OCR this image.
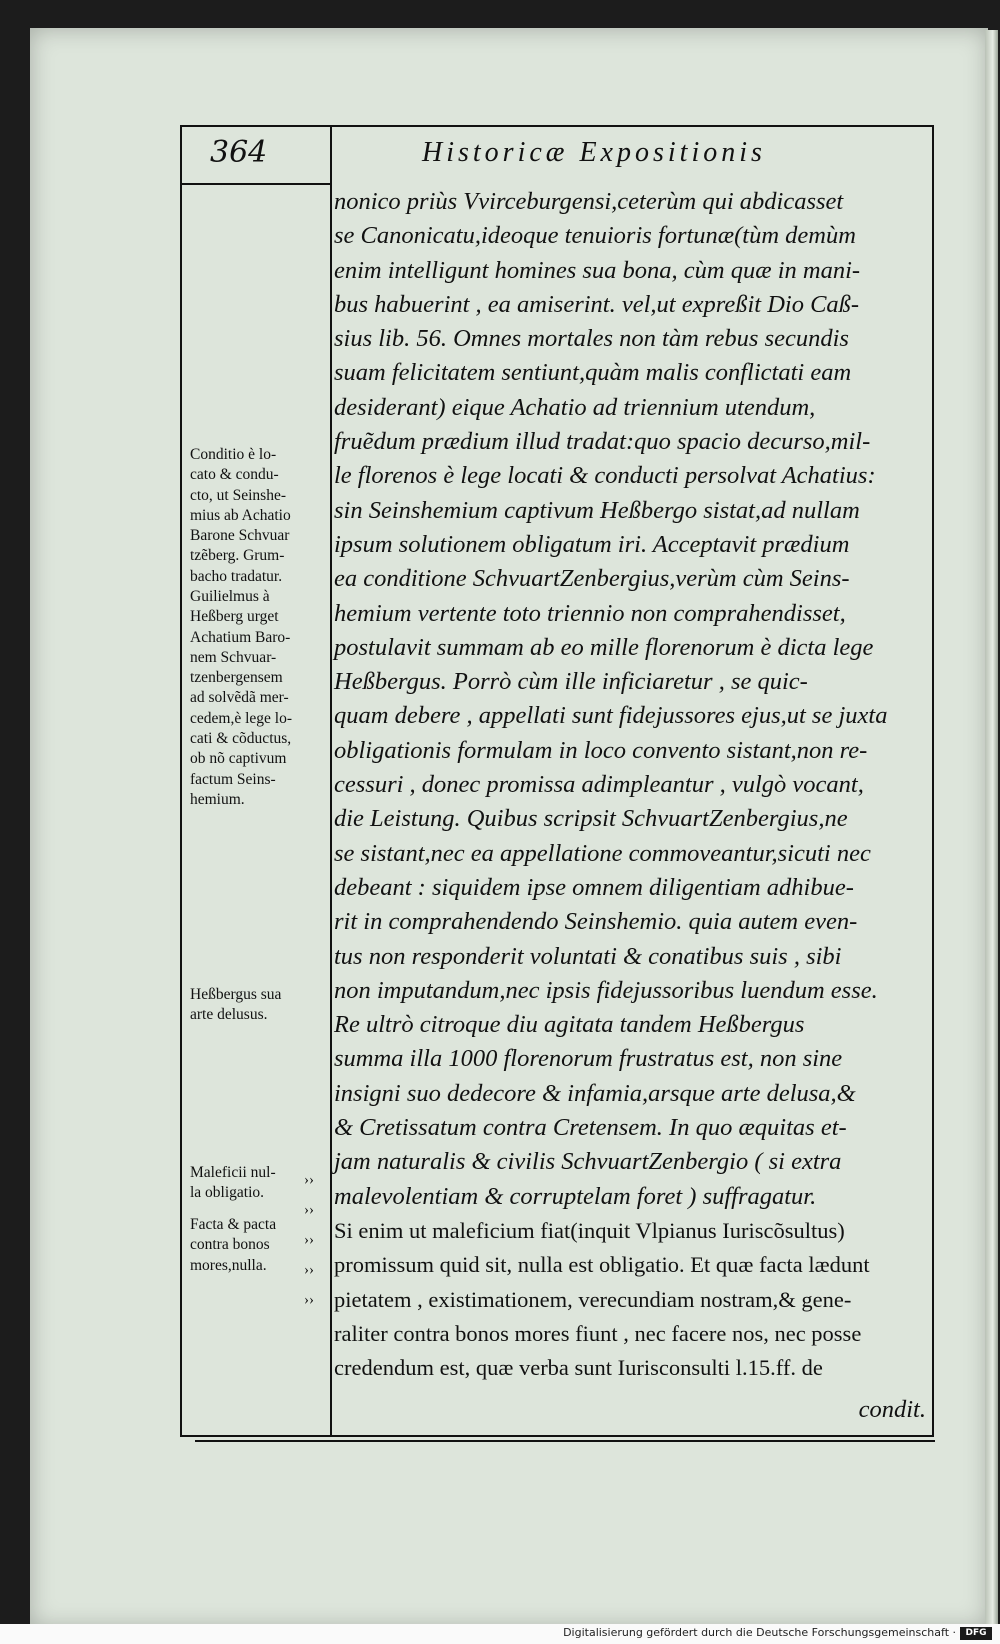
Conditio è lo-
cato & condu-
cto, ut Seinshe-
mius ab Achatio
Barone Schvuar
tzẽberg. Grum-
bacho tradatur.
Guilielmus à
Heßberg urget
Achatium Baro-
nem Schvuar-
tzenbergensem
ad solvẽdã mer-
cedem,è lege lo-
cati & cõductus,
ob nõ captivum
factum Seins-
hemium.
Heßbergus sua
arte delusus.
Maleficii nul-
la obligatio.
Facta & pacta
contra bonos
mores,nulla.
››
››
››
››
››
364	Historicæ Expositionis
nonico priùs Vvirceburgensi,ceterùm qui abdicasset
se Canonicatu,ideoque tenuioris fortunæ(tùm demùm
enim intelligunt homines sua bona, cùm quæ in mani-
bus habuerint , ea amiserint. vel,ut expreßit Dio Caß-
sius lib. 56. Omnes mortales non tàm rebus secundis
suam felicitatem sentiunt,quàm malis conflictati eam
desiderant) eique Achatio ad triennium utendum,
fruẽdum prædium illud tradat:quo spacio decurso,mil-
le florenos è lege locati & conducti persolvat Achatius:
sin Seinshemium captivum Heßbergo sistat,ad nullam
ipsum solutionem obligatum iri. Acceptavit prædium
ea conditione SchvuartZenbergius,verùm cùm Seins-
hemium vertente toto triennio non comprahendisset,
postulavit summam ab eo mille florenorum è dicta lege
Heßbergus. Porrò cùm ille inficiaretur , se quic-
quam debere , appellati sunt fidejussores ejus,ut se juxta
obligationis formulam in loco convento sistant,non re-
cessuri , donec promissa adimpleantur , vulgò vocant,
die Leistung. Quibus scripsit SchvuartZenbergius,ne
se sistant,nec ea appellatione commoveantur,sicuti nec
debeant : siquidem ipse omnem diligentiam adhibue-
rit in comprahendendo Seinshemio. quia autem even-
tus non responderit voluntati & conatibus suis , sibi
non imputandum,nec ipsis fidejussoribus luendum esse.
Re ultrò citroque diu agitata tandem Heßbergus
summa illa 1000 florenorum frustratus est, non sine
insigni suo dedecore & infamia,arsque arte delusa,&
& Cretissatum contra Cretensem. In quo æquitas et-
jam naturalis & civilis SchvuartZenbergio ( si extra
malevolentiam & corruptelam foret ) suffragatur.
Si enim ut maleficium fiat(inquit Vlpianus Iuriscõsultus)
promissum quid sit, nulla est obligatio. Et quæ facta lædunt
pietatem , existimationem, verecundiam nostram,& gene-
raliter contra bonos mores fiunt , nec facere nos, nec posse
credendum est, quæ verba sunt Iurisconsulti l.15.ff. de
condit.
Digitalisierung gefördert durch die Deutsche Forschungsgemeinschaft ·	DFG
